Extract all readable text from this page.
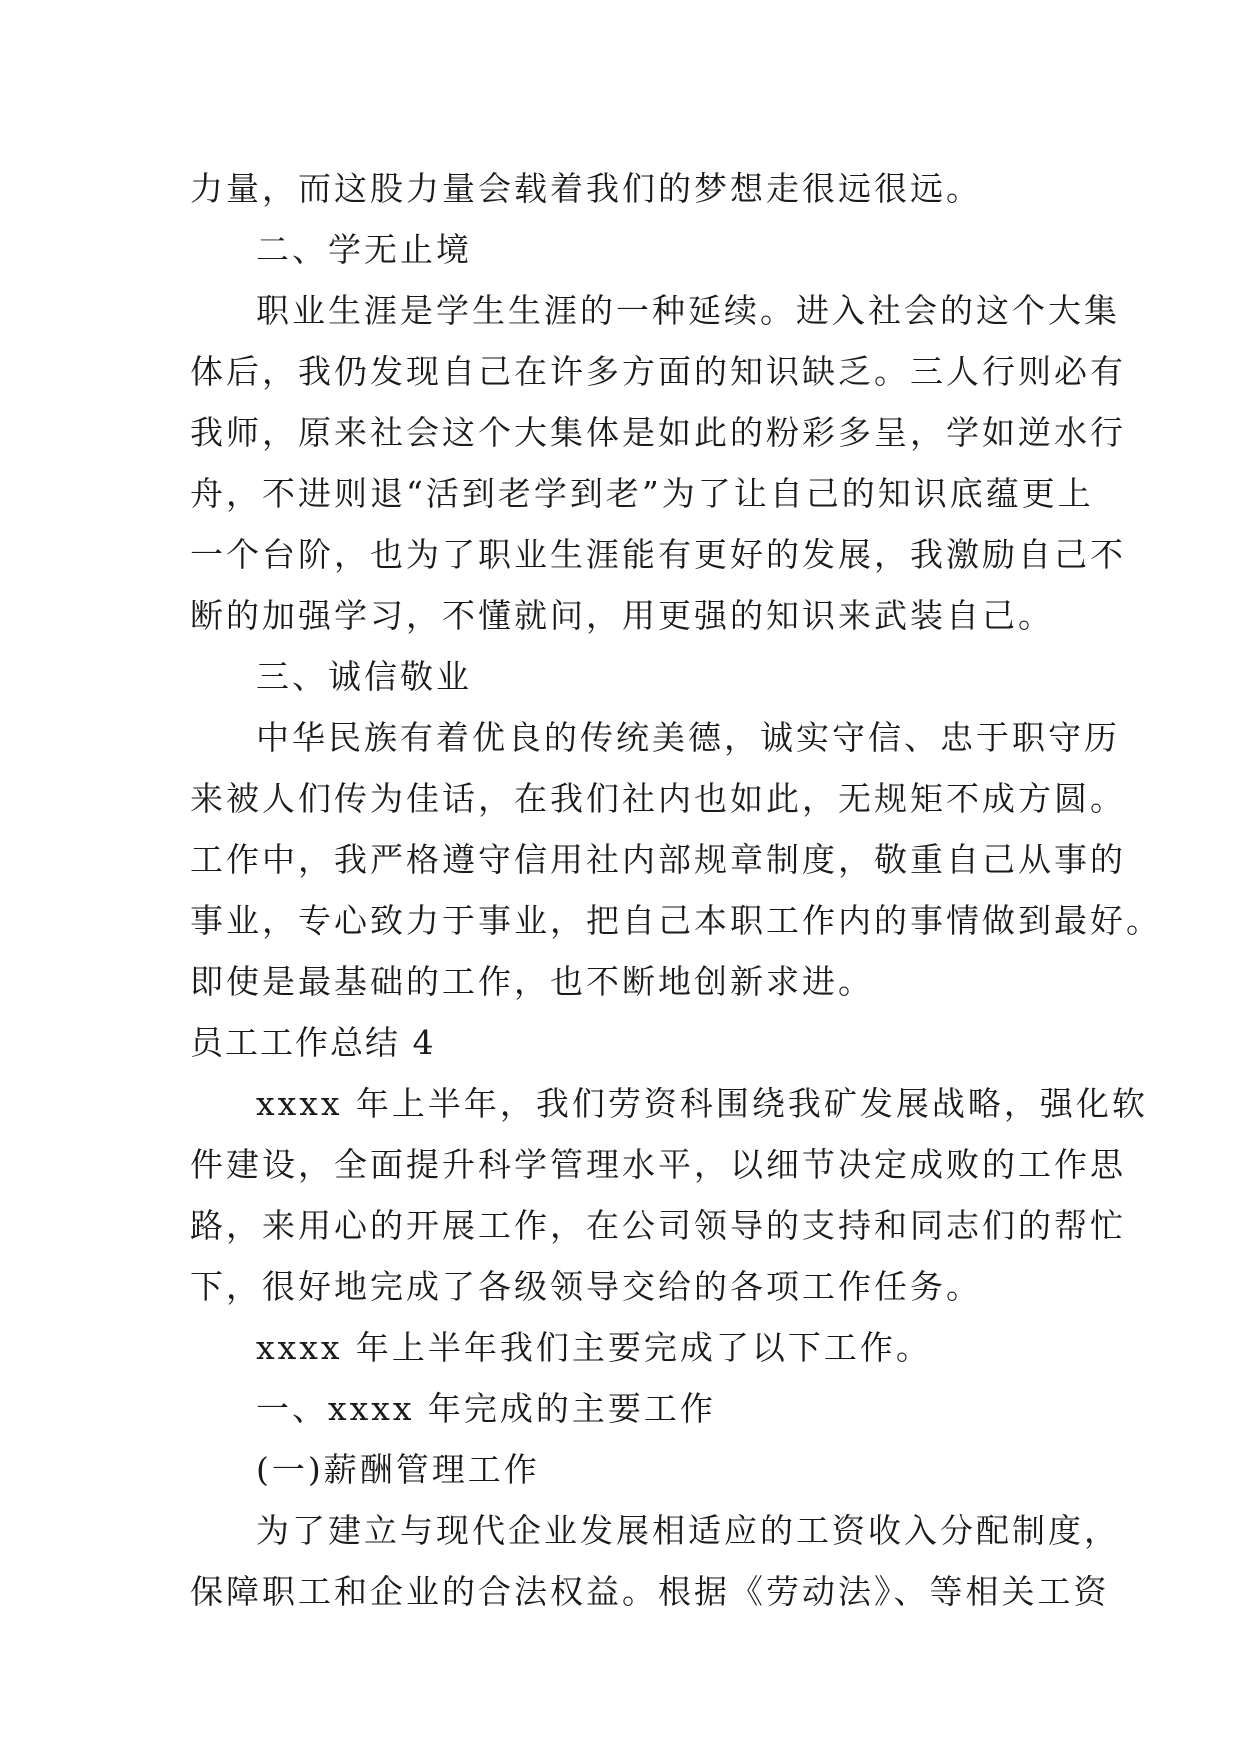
力量，而这股力量会载着我们的梦想走很远很远。
二、学无止境
职业生涯是学生生涯的一种延续。进入社会的这个大集
体后，我仍发现自己在许多方面的知识缺乏。三人行则必有
我师，原来社会这个大集体是如此的粉彩多呈，学如逆水行
舟，不进则退“活到老学到老”为了让自己的知识底蕴更上
一个台阶，也为了职业生涯能有更好的发展，我激励自己不
断的加强学习，不懂就问，用更强的知识来武装自己。
三、诚信敬业
中华民族有着优良的传统美德，诚实守信、忠于职守历
来被人们传为佳话，在我们社内也如此，无规矩不成方圆。
工作中，我严格遵守信用社内部规章制度，敬重自己从事的
事业，专心致力于事业，把自己本职工作内的事情做到最好。
即使是最基础的工作，也不断地创新求进。
员工工作总结 4
xxxx 年上半年，我们劳资科围绕我矿发展战略，强化软
件建设，全面提升科学管理水平，以细节决定成败的工作思
路，来用心的开展工作，在公司领导的支持和同志们的帮忙
下，很好地完成了各级领导交给的各项工作任务。
xxxx 年上半年我们主要完成了以下工作。
一、xxxx 年完成的主要工作
(一)薪酬管理工作
为了建立与现代企业发展相适应的工资收入分配制度，
保障职工和企业的合法权益。根据《劳动法》、等相关工资
